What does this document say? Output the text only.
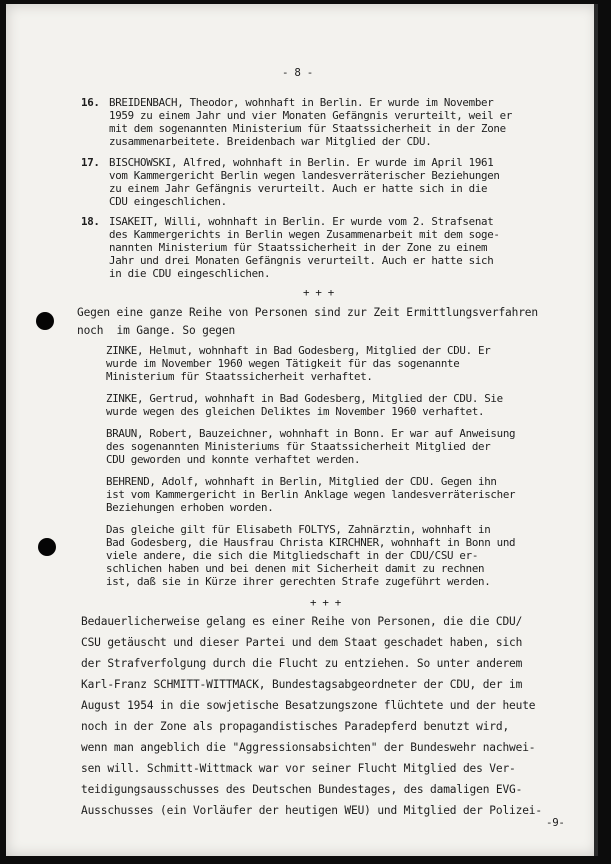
- 8 -

16. BREIDENBACH, Theodor, wohnhaft in Berlin. Er wurde im November

1959 zu einem Jahr und vier Monaten Gefängnis verurteilt, weil er

mit dem sogenannten Ministerium für Staatssicherheit in der Zone

zusammenarbeitete. Breidenbach war Mitglied der CDU.

17. BISCHOWSKI, Alfred, wohnhaft in Berlin. Er wurde im April 1961

vom Kammergericht Berlin wegen landesverräterischer Beziehungen

zu einem Jahr Gefängnis verurteilt. Auch er hatte sich in die

CDU eingeschlichen.

18. ISAKEIT, Willi, wohnhaft in Berlin. Er wurde vom 2. Strafsenat

des Kammergerichts in Berlin wegen Zusammenarbeit mit dem soge-

nannten Ministerium für Staatssicherheit in der Zone zu einem

Jahr und drei Monaten Gefängnis verurteilt. Auch er hatte sich

in die CDU eingeschlichen.

+ + +

Gegen eine ganze Reihe von Personen sind zur Zeit Ermittlungsverfahren

noch  im Gange. So gegen

ZINKE, Helmut, wohnhaft in Bad Godesberg, Mitglied der CDU. Er

wurde im November 1960 wegen Tätigkeit für das sogenannte

Ministerium für Staatssicherheit verhaftet.

ZINKE, Gertrud, wohnhaft in Bad Godesberg, Mitglied der CDU. Sie

wurde wegen des gleichen Deliktes im November 1960 verhaftet.

BRAUN, Robert, Bauzeichner, wohnhaft in Bonn. Er war auf Anweisung

des sogenannten Ministeriums für Staatssicherheit Mitglied der

CDU geworden und konnte verhaftet werden.

BEHREND, Adolf, wohnhaft in Berlin, Mitglied der CDU. Gegen ihn

ist vom Kammergericht in Berlin Anklage wegen landesverräterischer

Beziehungen erhoben worden.

Das gleiche gilt für Elisabeth FOLTYS, Zahnärztin, wohnhaft in

Bad Godesberg, die Hausfrau Christa KIRCHNER, wohnhaft in Bonn und

viele andere, die sich die Mitgliedschaft in der CDU/CSU er-

schlichen haben und bei denen mit Sicherheit damit zu rechnen

ist, daß sie in Kürze ihrer gerechten Strafe zugeführt werden.

+ + +

Bedauerlicherweise gelang es einer Reihe von Personen, die die CDU/

CSU getäuscht und dieser Partei und dem Staat geschadet haben, sich

der Strafverfolgung durch die Flucht zu entziehen. So unter anderem

Karl-Franz SCHMITT-WITTMACK, Bundestagsabgeordneter der CDU, der im

August 1954 in die sowjetische Besatzungszone flüchtete und der heute

noch in der Zone als propagandistisches Paradepferd benutzt wird,

wenn man angeblich die "Aggressionsabsichten" der Bundeswehr nachwei-

sen will. Schmitt-Wittmack war vor seiner Flucht Mitglied des Ver-

teidigungsausschusses des Deutschen Bundestages, des damaligen EVG-

Ausschusses (ein Vorläufer der heutigen WEU) und Mitglied der Polizei-

-9-
